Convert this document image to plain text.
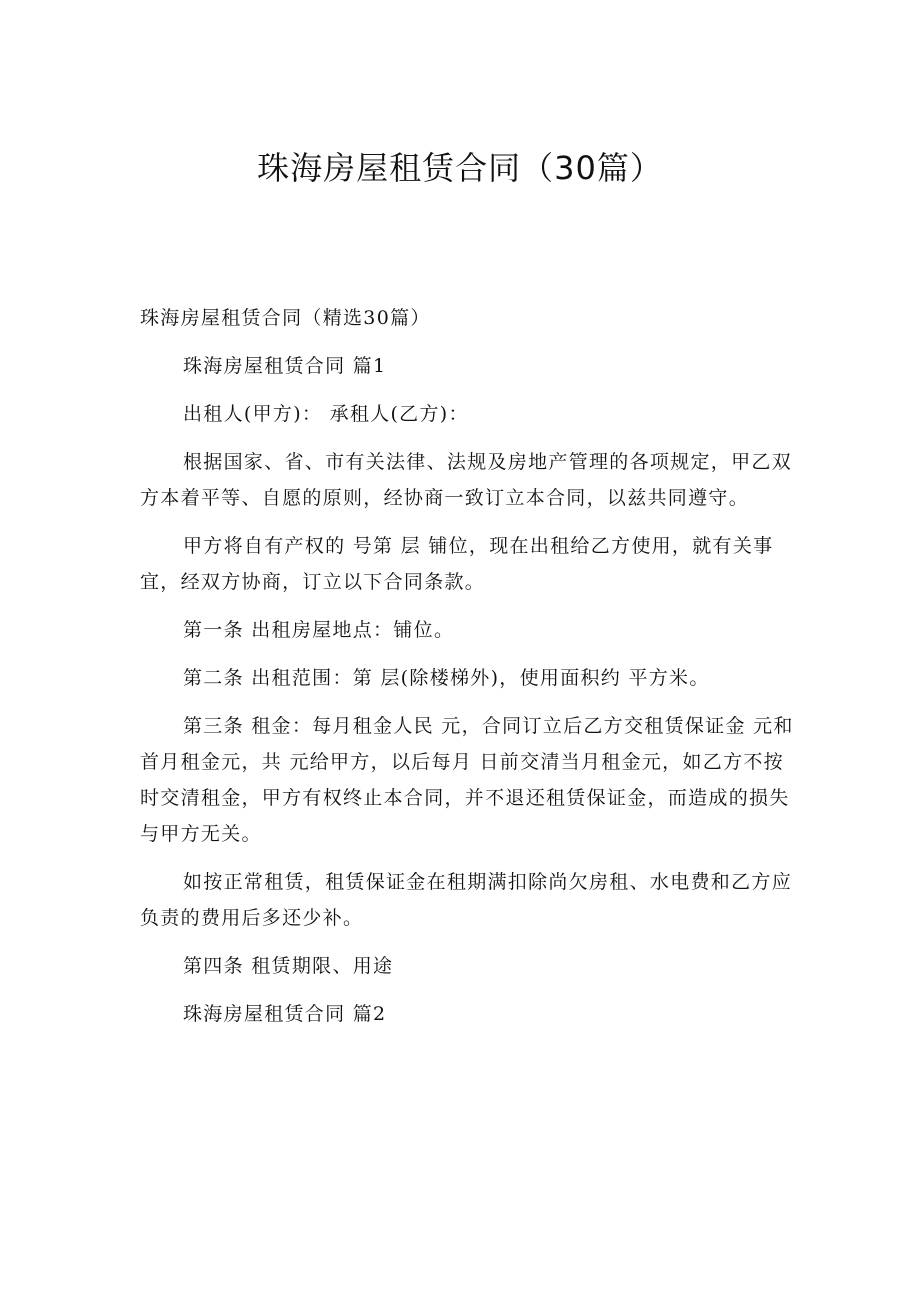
珠海房屋租赁合同（30篇）

珠海房屋租赁合同（精选30篇）

珠海房屋租赁合同 篇1

出租人(甲方)： 承租人(乙方)：

根据国家、省、市有关法律、法规及房地产管理的各项规定，甲乙双方本着平等、自愿的原则，经协商一致订立本合同，以兹共同遵守。

甲方将自有产权的 号第 层 铺位，现在出租给乙方使用，就有关事宜，经双方协商，订立以下合同条款。

第一条 出租房屋地点：铺位。

第二条 出租范围：第 层(除楼梯外)，使用面积约 平方米。

第三条 租金：每月租金人民 元，合同订立后乙方交租赁保证金 元和首月租金元，共 元给甲方，以后每月 日前交清当月租金元，如乙方不按时交清租金，甲方有权终止本合同，并不退还租赁保证金，而造成的损失与甲方无关。

如按正常租赁，租赁保证金在租期满扣除尚欠房租、水电费和乙方应负责的费用后多还少补。

第四条 租赁期限、用途

珠海房屋租赁合同 篇2
